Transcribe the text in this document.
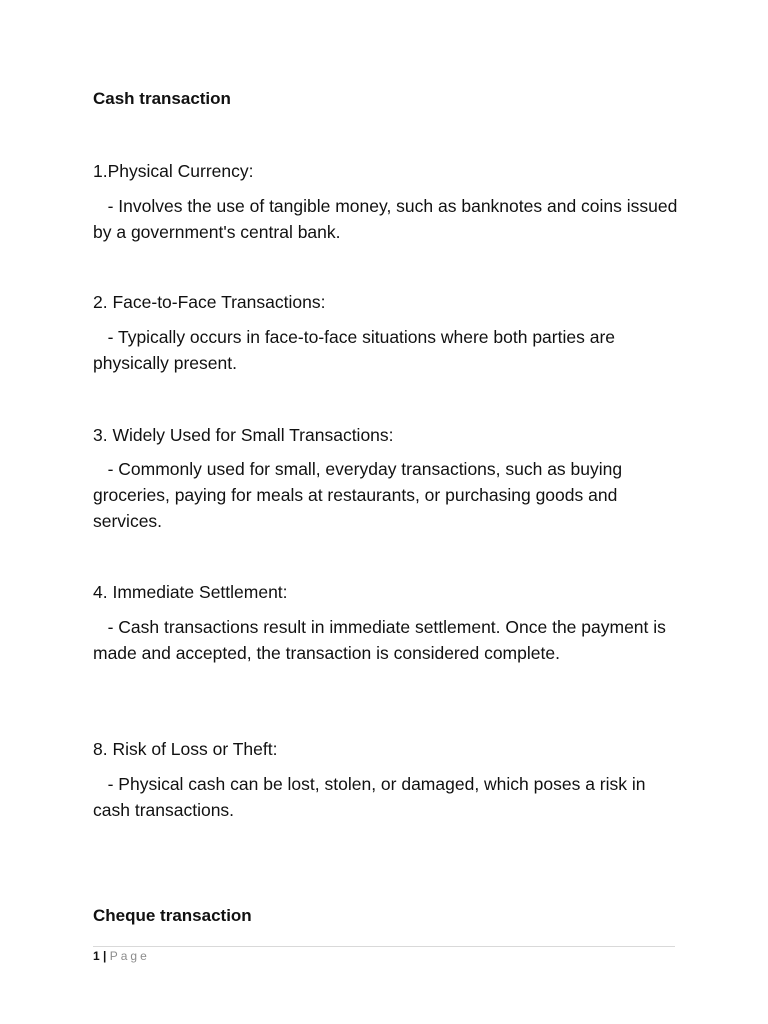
Cash transaction

1.Physical Currency:

- Involves the use of tangible money, such as banknotes and coins issued by a government's central bank.

2. Face-to-Face Transactions:

- Typically occurs in face-to-face situations where both parties are physically present.

3. Widely Used for Small Transactions:

- Commonly used for small, everyday transactions, such as buying groceries, paying for meals at restaurants, or purchasing goods and services.

4. Immediate Settlement:

- Cash transactions result in immediate settlement. Once the payment is made and accepted, the transaction is considered complete.

8. Risk of Loss or Theft:

- Physical cash can be lost, stolen, or damaged, which poses a risk in cash transactions.

Cheque transaction
1 | Page
